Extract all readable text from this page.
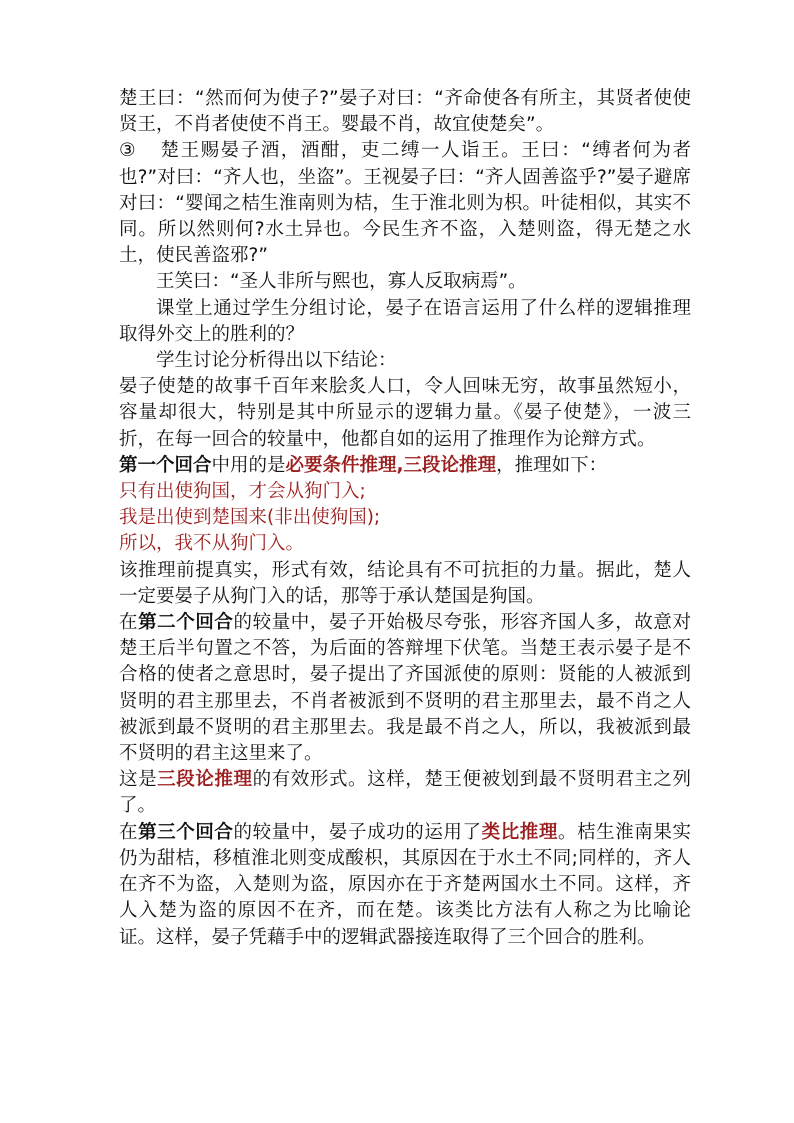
楚王曰：“然而何为使子?”晏子对曰：“齐命使各有所主，其贤者使使贤王，不肖者使使不肖王。婴最不肖，故宜使楚矣”。

③ 楚王赐晏子酒，酒酣，吏二缚一人诣王。王曰：“缚者何为者也?”对曰：“齐人也，坐盗”。王视晏子曰：“齐人固善盗乎?”晏子避席对曰：“婴闻之桔生淮南则为桔，生于淮北则为枳。叶徒相似，其实不同。所以然则何?水土异也。今民生齐不盗，入楚则盗，得无楚之水土，使民善盗邪?”

王笑曰：“圣人非所与熙也，寡人反取病焉”。

课堂上通过学生分组讨论，晏子在语言运用了什么样的逻辑推理取得外交上的胜利的？

学生讨论分析得出以下结论：

晏子使楚的故事千百年来脍炙人口，令人回味无穷，故事虽然短小，容量却很大，特别是其中所显示的逻辑力量。《晏子使楚》，一波三折，在每一回合的较量中，他都自如的运用了推理作为论辩方式。

第一个回合中用的是必要条件推理,三段论推理，推理如下：

只有出使狗国，才会从狗门入;

我是出使到楚国来(非出使狗国);

所以，我不从狗门入。

该推理前提真实，形式有效，结论具有不可抗拒的力量。据此，楚人一定要晏子从狗门入的话，那等于承认楚国是狗国。

在第二个回合的较量中，晏子开始极尽夸张，形容齐国人多，故意对楚王后半句置之不答，为后面的答辩埋下伏笔。当楚王表示晏子是不合格的使者之意思时，晏子提出了齐国派使的原则：贤能的人被派到贤明的君主那里去，不肖者被派到不贤明的君主那里去，最不肖之人被派到最不贤明的君主那里去。我是最不肖之人，所以，我被派到最不贤明的君主这里来了。

这是三段论推理的有效形式。这样，楚王便被划到最不贤明君主之列了。

在第三个回合的较量中，晏子成功的运用了类比推理。桔生淮南果实仍为甜桔，移植淮北则变成酸枳，其原因在于水土不同;同样的，齐人在齐不为盗，入楚则为盗，原因亦在于齐楚两国水土不同。这样，齐人入楚为盗的原因不在齐，而在楚。该类比方法有人称之为比喻论证。这样，晏子凭藉手中的逻辑武器接连取得了三个回合的胜利。
